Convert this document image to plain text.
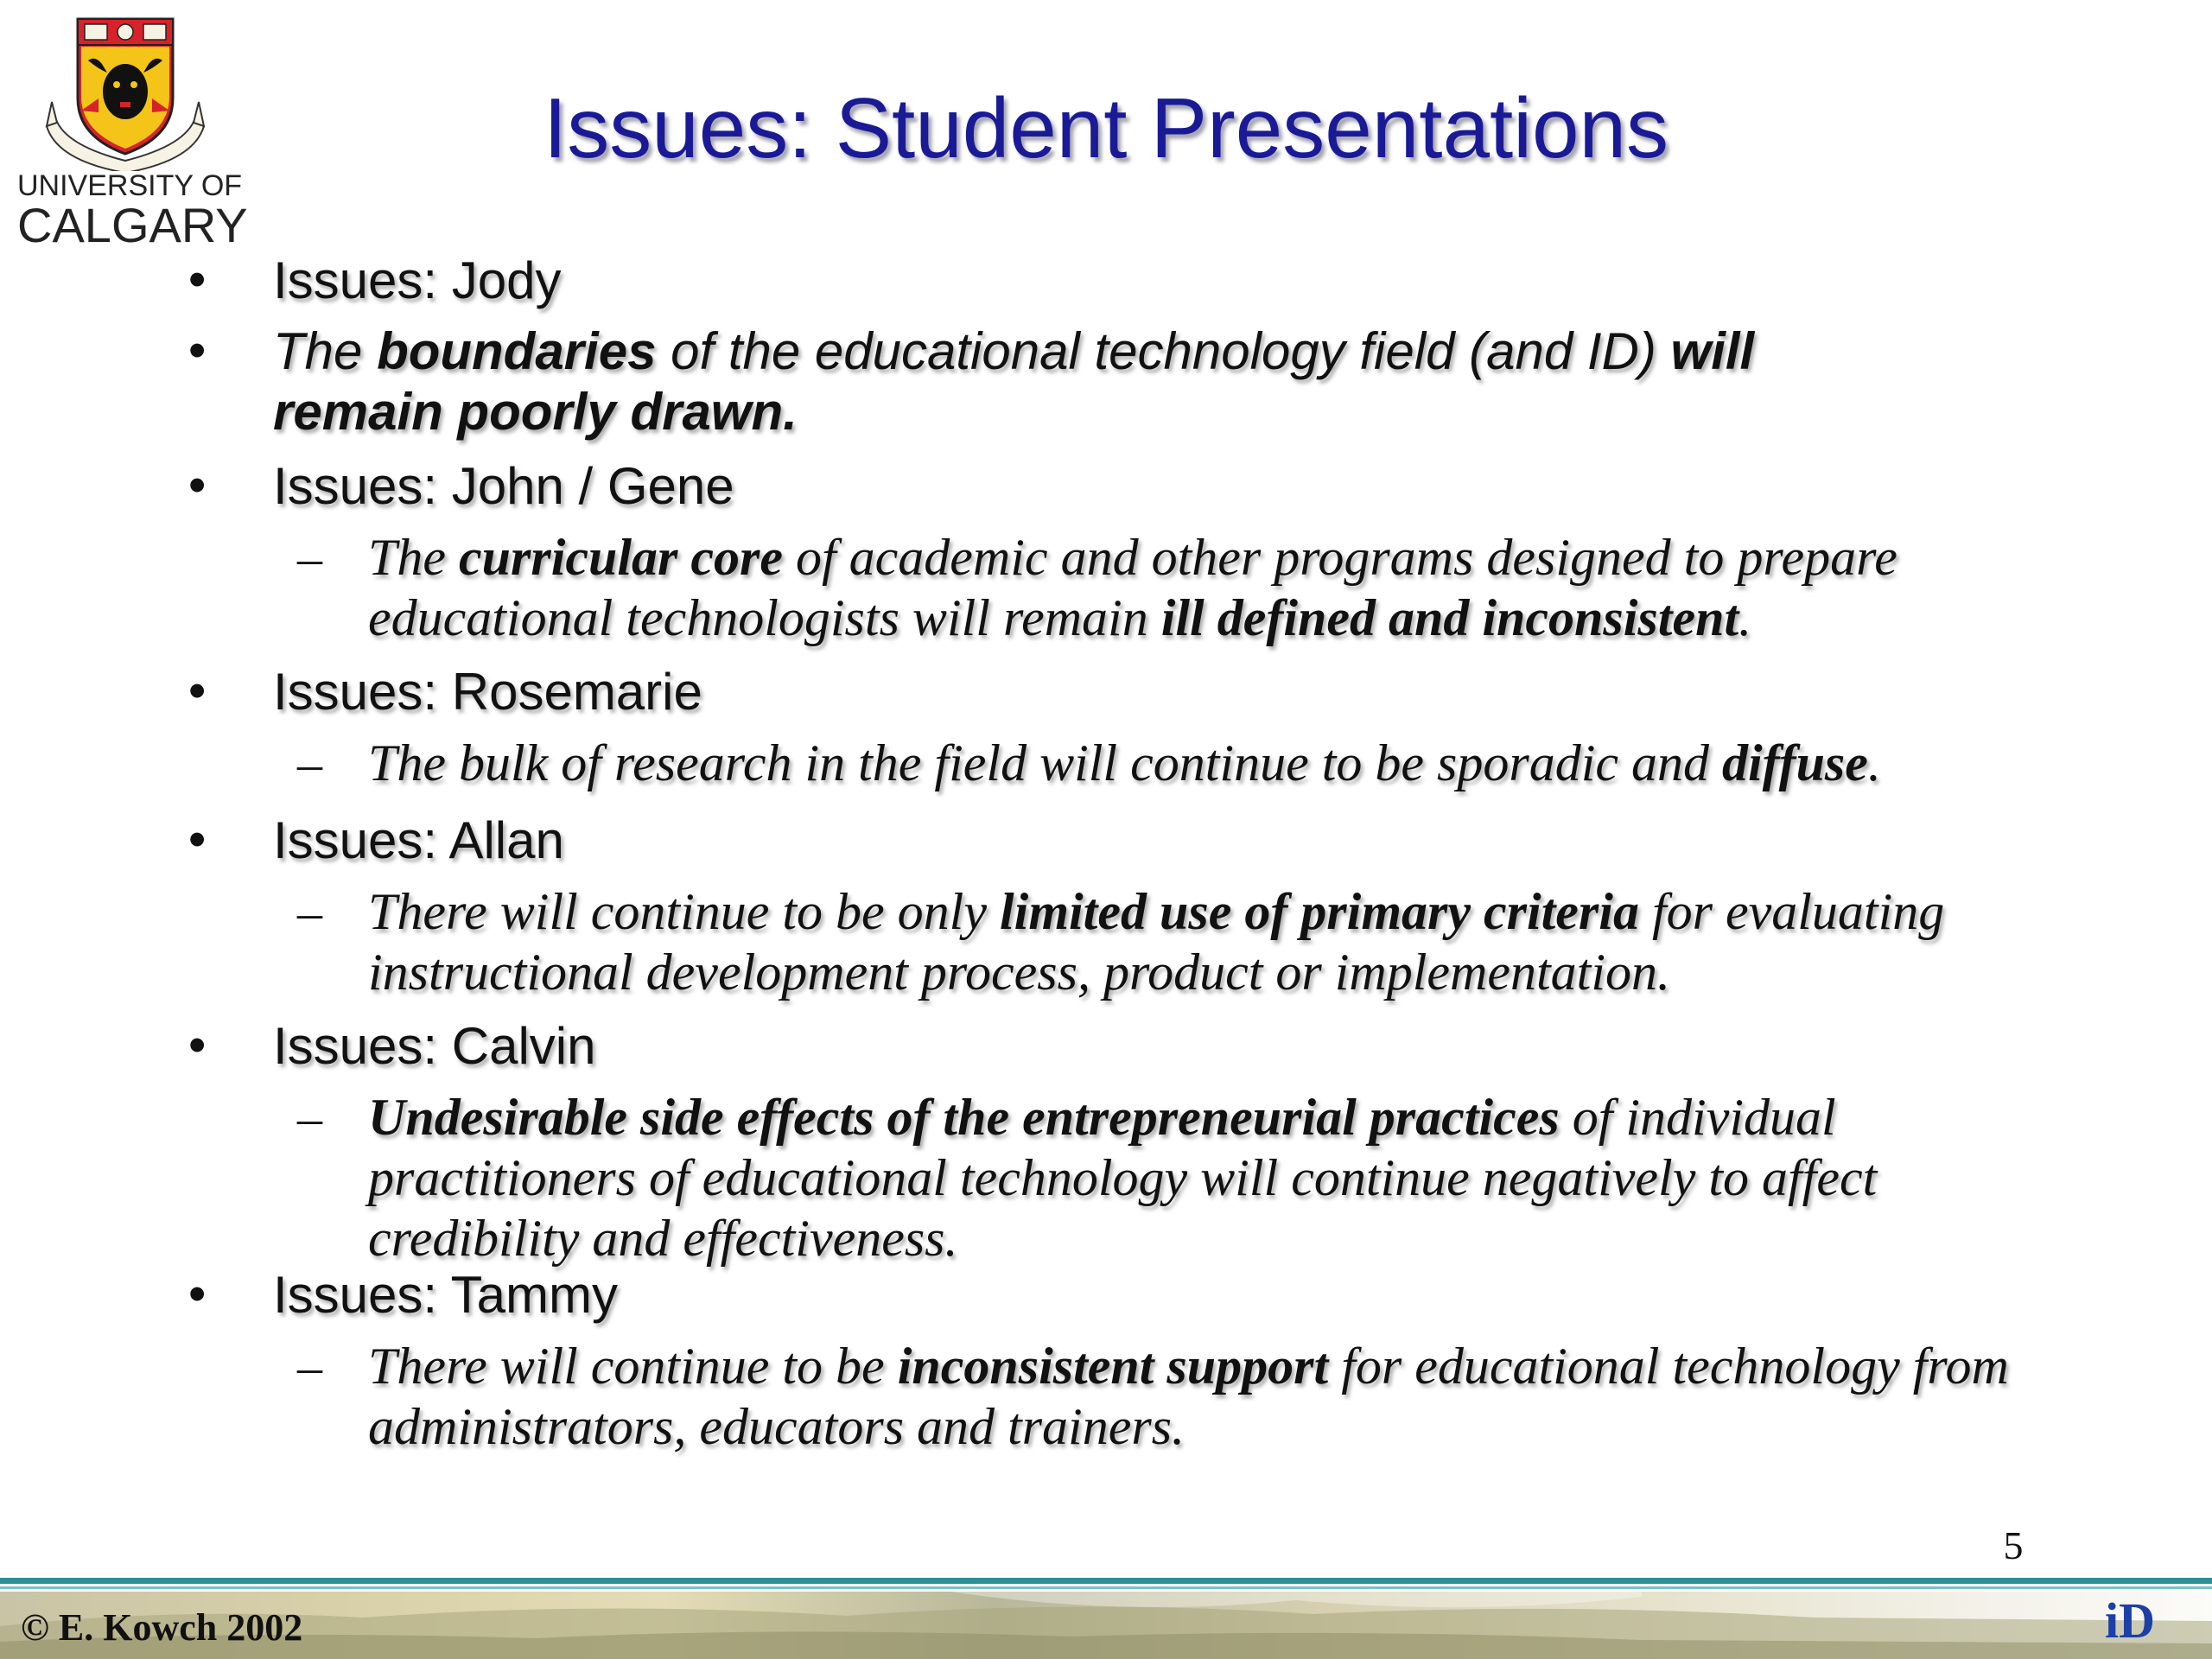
UNIVERSITY OF
CALGARY
Issues: Student Presentations
• Issues: Jody
• The boundaries of the educational technology field (and ID) will remain poorly drawn.
• Issues: John / Gene
– The curricular core of academic and other programs designed to prepare educational technologists will remain ill defined and inconsistent.
• Issues: Rosemarie
– The bulk of research in the field will continue to be sporadic and diffuse.
• Issues: Allan
– There will continue to be only limited use of primary criteria for evaluating instructional development process, product or implementation.
• Issues: Calvin
– Undesirable side effects of the entrepreneurial practices of individual practitioners of educational technology will continue negatively to affect credibility and effectiveness.
• Issues: Tammy
– There will continue to be inconsistent support for educational technology from administrators, educators and trainers.
5
© E. Kowch 2002	iD
